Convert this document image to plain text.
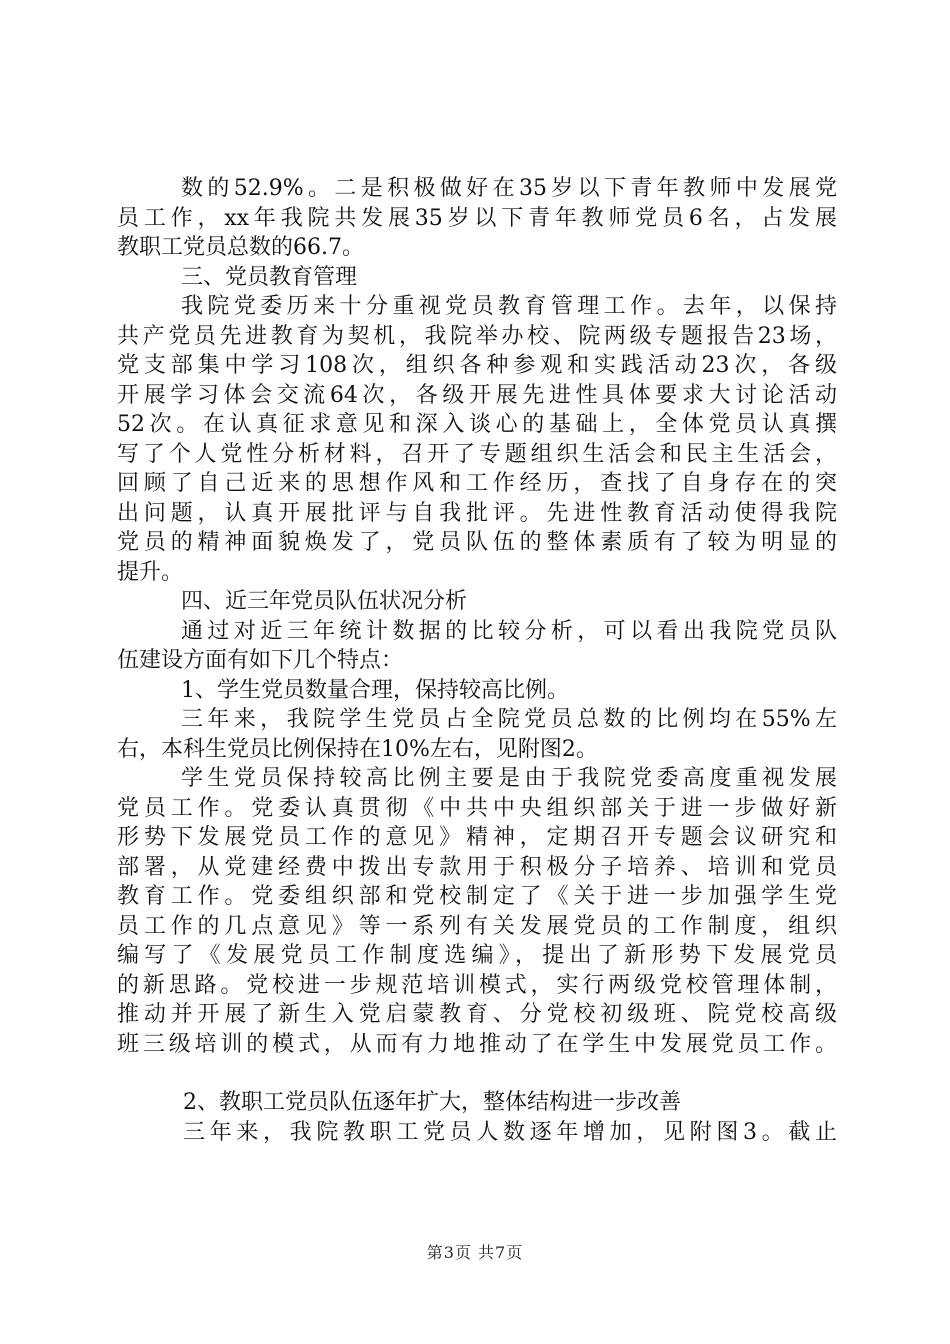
数的52.9%。二是积极做好在35岁以下青年教师中发展党
员工作，xx年我院共发展35岁以下青年教师党员6名，占发展
教职工党员总数的66.7。
三、党员教育管理
我院党委历来十分重视党员教育管理工作。去年，以保持
共产党员先进教育为契机，我院举办校、院两级专题报告23场，
党支部集中学习108次，组织各种参观和实践活动23次，各级
开展学习体会交流64次，各级开展先进性具体要求大讨论活动
52次。在认真征求意见和深入谈心的基础上，全体党员认真撰
写了个人党性分析材料，召开了专题组织生活会和民主生活会，
回顾了自己近来的思想作风和工作经历，查找了自身存在的突
出问题，认真开展批评与自我批评。先进性教育活动使得我院
党员的精神面貌焕发了，党员队伍的整体素质有了较为明显的
提升。
四、近三年党员队伍状况分析
通过对近三年统计数据的比较分析，可以看出我院党员队
伍建设方面有如下几个特点：
1、学生党员数量合理，保持较高比例。
三年来，我院学生党员占全院党员总数的比例均在55%左
右，本科生党员比例保持在10%左右，见附图2。
学生党员保持较高比例主要是由于我院党委高度重视发展
党员工作。党委认真贯彻《中共中央组织部关于进一步做好新
形势下发展党员工作的意见》精神，定期召开专题会议研究和
部署，从党建经费中拨出专款用于积极分子培养、培训和党员
教育工作。党委组织部和党校制定了《关于进一步加强学生党
员工作的几点意见》等一系列有关发展党员的工作制度，组织
编写了《发展党员工作制度选编》，提出了新形势下发展党员
的新思路。党校进一步规范培训模式，实行两级党校管理体制，
推动并开展了新生入党启蒙教育、分党校初级班、院党校高级
班三级培训的模式，从而有力地推动了在学生中发展党员工作。
2、教职工党员队伍逐年扩大，整体结构进一步改善
三年来，我院教职工党员人数逐年增加，见附图3。截止
第3页 共7页
